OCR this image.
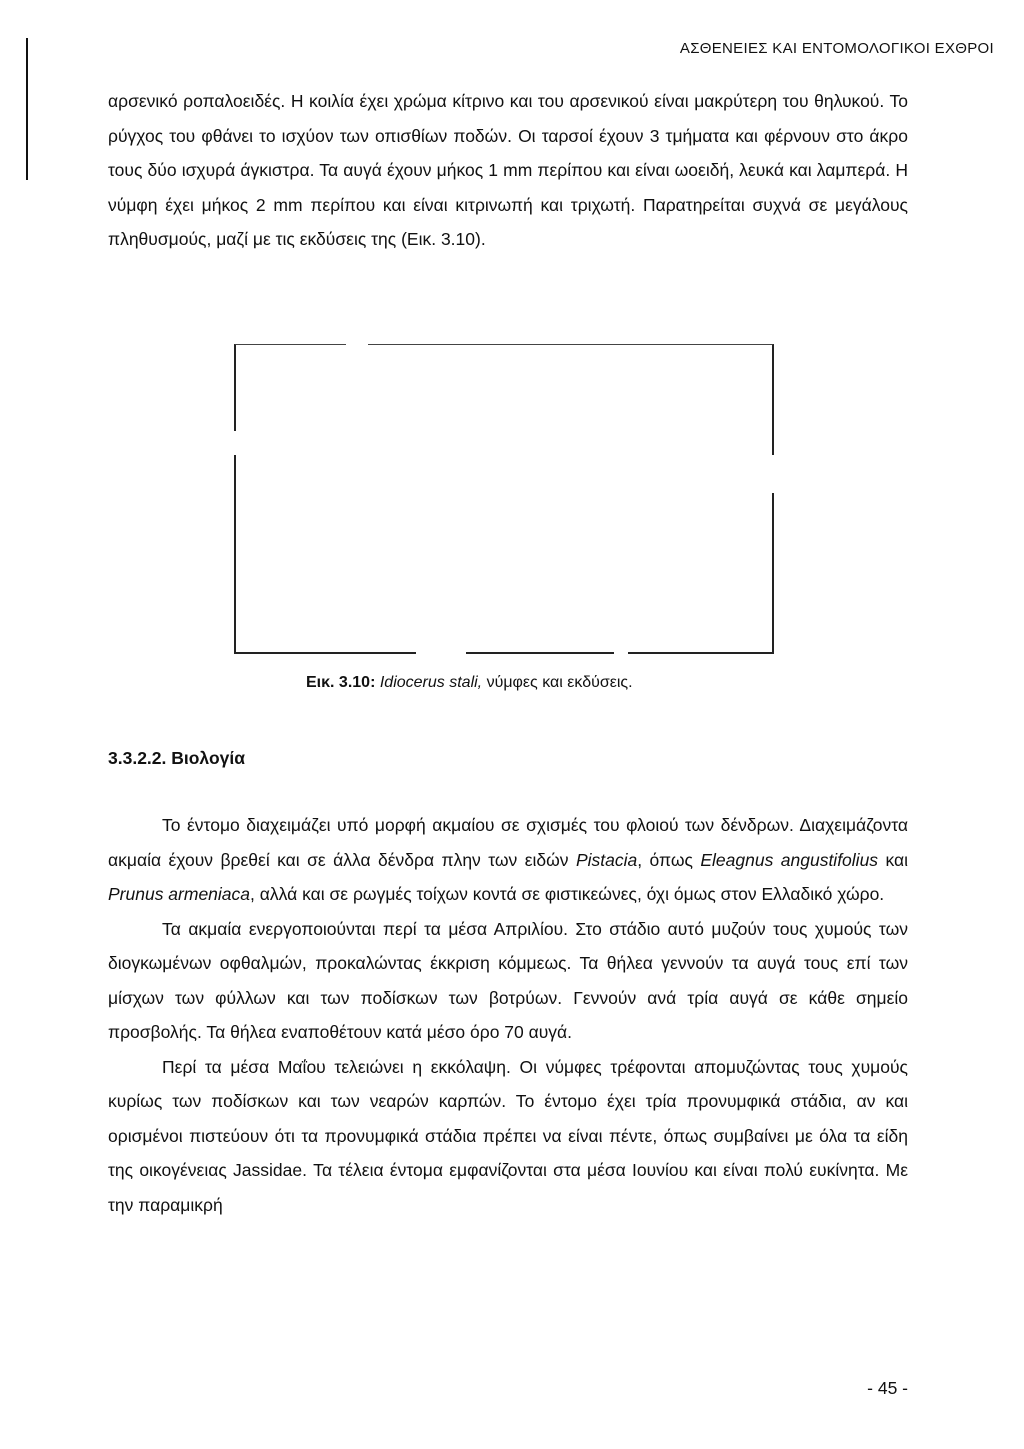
ΑΣΘΕΝΕΙΕΣ ΚΑΙ ΕΝΤΟΜΟΛΟΓΙΚΟΙ ΕΧΘΡΟΙ

αρσενικό ροπαλοειδές. Η κοιλία έχει χρώμα κίτρινο και του αρσενικού είναι μακρύτερη του θηλυκού. Το ρύγχος του φθάνει το ισχύον των οπισθίων ποδών. Οι ταρσοί έχουν 3 τμήματα και φέρνουν στο άκρο τους δύο ισχυρά άγκιστρα. Τα αυγά έχουν μήκος 1 mm περίπου και είναι ωοειδή, λευκά και λαμπερά. Η νύμφη έχει μήκος 2 mm περίπου και είναι κιτρινωπή και τριχωτή. Παρατηρείται συχνά σε μεγάλους πληθυσμούς, μαζί με τις εκδύσεις της (Εικ. 3.10).

Εικ. 3.10: Idiocerus stali, νύμφες και εκδύσεις.
3.3.2.2. Βιολογία

Το έντομο διαχειμάζει υπό μορφή ακμαίου σε σχισμές του φλοιού των δένδρων. Διαχειμάζοντα ακμαία έχουν βρεθεί και σε άλλα δένδρα πλην των ειδών Pistacia, όπως Eleagnus angustifolius και Prunus armeniaca, αλλά και σε ρωγμές τοίχων κοντά σε φιστικεώνες, όχι όμως στον Ελλαδικό χώρο.

Τα ακμαία ενεργοποιούνται περί τα μέσα Απριλίου. Στο στάδιο αυτό μυζούν τους χυμούς των διογκωμένων οφθαλμών, προκαλώντας έκκριση κόμμεως. Τα θήλεα γεννούν τα αυγά τους επί των μίσχων των φύλλων και των ποδίσκων των βοτρύων. Γεννούν ανά τρία αυγά σε κάθε σημείο προσβολής. Τα θήλεα εναποθέτουν κατά μέσο όρο 70 αυγά.

Περί τα μέσα Μαΐου τελειώνει η εκκόλαψη. Οι νύμφες τρέφονται απομυζώντας τους χυμούς κυρίως των ποδίσκων και των νεαρών καρπών. Το έντομο έχει τρία προνυμφικά στάδια, αν και ορισμένοι πιστεύουν ότι τα προνυμφικά στάδια πρέπει να είναι πέντε, όπως συμβαίνει με όλα τα είδη της οικογένειας Jassidae. Τα τέλεια έντομα εμφανίζονται στα μέσα Ιουνίου και είναι πολύ ευκίνητα. Με την παραμικρή

- 45 -
